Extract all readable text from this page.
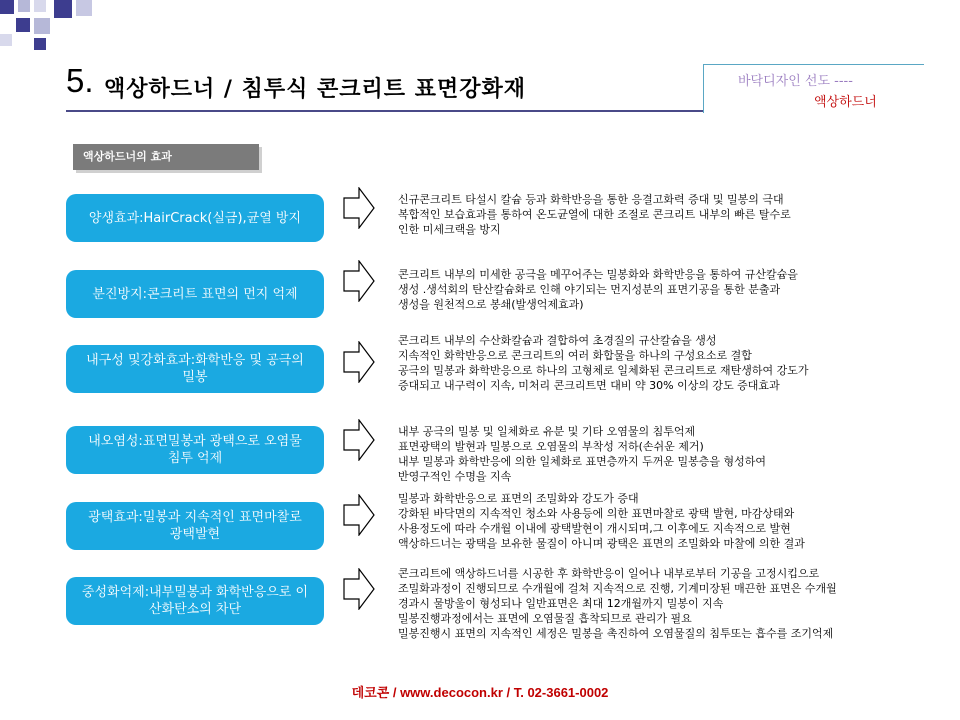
5. 액상하드너 / 침투식 콘크리트 표면강화재	바닥디자인 선도 ----
액상하드너
액상하드너의 효과
양생효과:HairCrack(실금),균열 방지
신규콘크리트 타설시 칼슘 등과 화학반응을 통한 응결고화력 증대 및 밀봉의 극대
복합적인 보습효과를 통하여 온도균열에 대한 조절로 콘크리트 내부의 빠른 탈수로
인한 미세크랙을 방지
분진방지:콘크리트 표면의 먼지 억제
콘크리트 내부의 미세한 공극을 메꾸어주는 밀봉화와 화학반응을 통하여 규산칼슘을
생성 .생석회의 탄산칼슘화로 인해 야기되는 먼지성분의 표면기공을 통한 분출과
생성을 원천적으로 봉쇄(발생억제효과)
내구성 및강화효과:화학반응 및 공극의 밀봉
콘크리트 내부의 수산화칼슘과 결합하여 초경질의 규산칼슘을 생성
지속적인 화학반응으로 콘크리트의 여러 화합물을 하나의 구성요소로 결합
공극의 밀봉과 화학반응으로 하나의 고형체로 일체화된 콘크리트로 재탄생하여 강도가
증대되고 내구력이 지속, 미처리 콘크리트면 대비 약 30% 이상의 강도 증대효과
내오염성:표면밀봉과 광택으로 오염물 침투 억제
내부 공극의 밀봉 및 일체화로 유분 및 기타 오염물의 침투억제
표면광택의 발현과 밀봉으로 오염물의 부착성 저하(손쉬운 제거)
내부 밀봉과 화학반응에 의한 일체화로 표면층까지 두꺼운 밀봉층을 형성하여
반영구적인 수명을 지속
광택효과:밀봉과 지속적인 표면마찰로 광택발현
밀봉과 화학반응으로 표면의 조밀화와 강도가 증대
강화된 바닥면의 지속적인 청소와 사용등에 의한 표면마찰로 광택 발현, 마감상태와
사용정도에 따라 수개월 이내에 광택발현이 개시되며,그 이후에도 지속적으로 발현
액상하드너는 광택을 보유한 물질이 아니며 광택은 표면의 조밀화와 마찰에 의한 결과
중성화억제:내부밀봉과 화학반응으로 이산화탄소의 차단
콘크리트에 액상하드너를 시공한 후 화학반응이 일어나 내부로부터 기공을 고정시킵으로
조밀화과정이 진행되므로 수개월에 걸쳐 지속적으로 진행, 기계미장된 매끈한 표면은 수개월
경과시 물방울이 형성되나 일반표면은 최대 12개월까지 밀봉이 지속
밀봉진행과정에서는 표면에 오염물질 흡착되므로 관리가 필요
밀봉진행시 표면의 지속적인 세정은 밀봉을 촉진하여 오염물질의 침투또는 흡수를 조기억제
데코콘 / www.decocon.kr / T. 02-3661-0002
